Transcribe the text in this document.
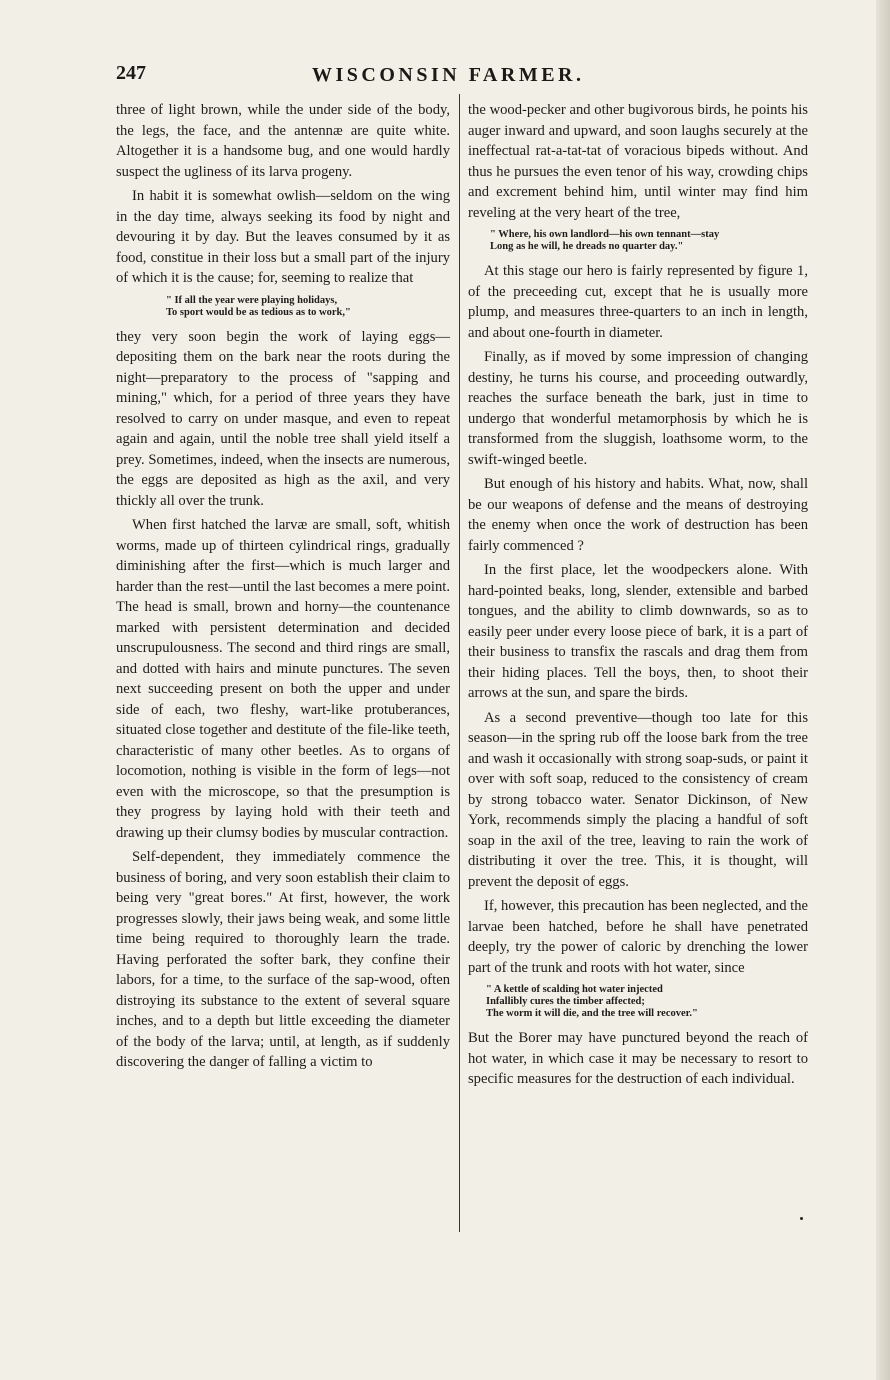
247	WISCONSIN FARMER.

three of light brown, while the under side of the body, the legs, the face, and the antennæ are quite white. Altogether it is a handsome bug, and one would hardly suspect the ugliness of its larva progeny.

In habit it is somewhat owlish—seldom on the wing in the day time, always seeking its food by night and devouring it by day. But the leaves consumed by it as food, constitue in their loss but a small part of the injury of which it is the cause; for, seeming to realize that

" If all the year were playing holidays,
To sport would be as tedious as to work,"

they very soon begin the work of laying eggs—depositing them on the bark near the roots during the night—preparatory to the process of "sapping and mining," which, for a period of three years they have resolved to carry on under masque, and even to repeat again and again, until the noble tree shall yield itself a prey. Sometimes, indeed, when the insects are numerous, the eggs are deposited as high as the axil, and very thickly all over the trunk.

When first hatched the larvæ are small, soft, whitish worms, made up of thirteen cylindrical rings, gradually diminishing after the first—which is much larger and harder than the rest—until the last becomes a mere point. The head is small, brown and horny—the countenance marked with persistent determination and decided unscrupulousness. The second and third rings are small, and dotted with hairs and minute punctures. The seven next succeeding present on both the upper and under side of each, two fleshy, wart-like protuberances, situated close together and destitute of the file-like teeth, characteristic of many other beetles. As to organs of locomotion, nothing is visible in the form of legs—not even with the microscope, so that the presumption is they progress by laying hold with their teeth and drawing up their clumsy bodies by muscular contraction.

Self-dependent, they immediately commence the business of boring, and very soon establish their claim to being very "great bores." At first, however, the work progresses slowly, their jaws being weak, and some little time being required to thoroughly learn the trade. Having perforated the softer bark, they confine their labors, for a time, to the surface of the sap-wood, often distroying its substance to the extent of several square inches, and to a depth but little exceeding the diameter of the body of the larva; until, at length, as if suddenly discovering the danger of falling a victim to

the wood-pecker and other bugivorous birds, he points his auger inward and upward, and soon laughs securely at the ineffectual rat-a-tat-tat of voracious bipeds without. And thus he pursues the even tenor of his way, crowding chips and excrement behind him, until winter may find him reveling at the very heart of the tree,

" Where, his own landlord—his own tennant—stay
Long as he will, he dreads no quarter day."

At this stage our hero is fairly represented by figure 1, of the preceeding cut, except that he is usually more plump, and measures three-quarters to an inch in length, and about one-fourth in diameter.

Finally, as if moved by some impression of changing destiny, he turns his course, and proceeding outwardly, reaches the surface beneath the bark, just in time to undergo that wonderful metamorphosis by which he is transformed from the sluggish, loathsome worm, to the swift-winged beetle.

But enough of his history and habits. What, now, shall be our weapons of defense and the means of destroying the enemy when once the work of destruction has been fairly commenced ?

In the first place, let the woodpeckers alone. With hard-pointed beaks, long, slender, extensible and barbed tongues, and the ability to climb downwards, so as to easily peer under every loose piece of bark, it is a part of their business to transfix the rascals and drag them from their hiding places. Tell the boys, then, to shoot their arrows at the sun, and spare the birds.

As a second preventive—though too late for this season—in the spring rub off the loose bark from the tree and wash it occasionally with strong soap-suds, or paint it over with soft soap, reduced to the consistency of cream by strong tobacco water. Senator Dickinson, of New York, recommends simply the placing a handful of soft soap in the axil of the tree, leaving to rain the work of distributing it over the tree. This, it is thought, will prevent the deposit of eggs.

If, however, this precaution has been neglected, and the larvae been hatched, before he shall have penetrated deeply, try the power of caloric by drenching the lower part of the trunk and roots with hot water, since

" A kettle of scalding hot water injected
Infallibly cures the timber affected;
The worm it will die, and the tree will recover."

But the Borer may have punctured beyond the reach of hot water, in which case it may be necessary to resort to specific measures for the destruction of each individual.
